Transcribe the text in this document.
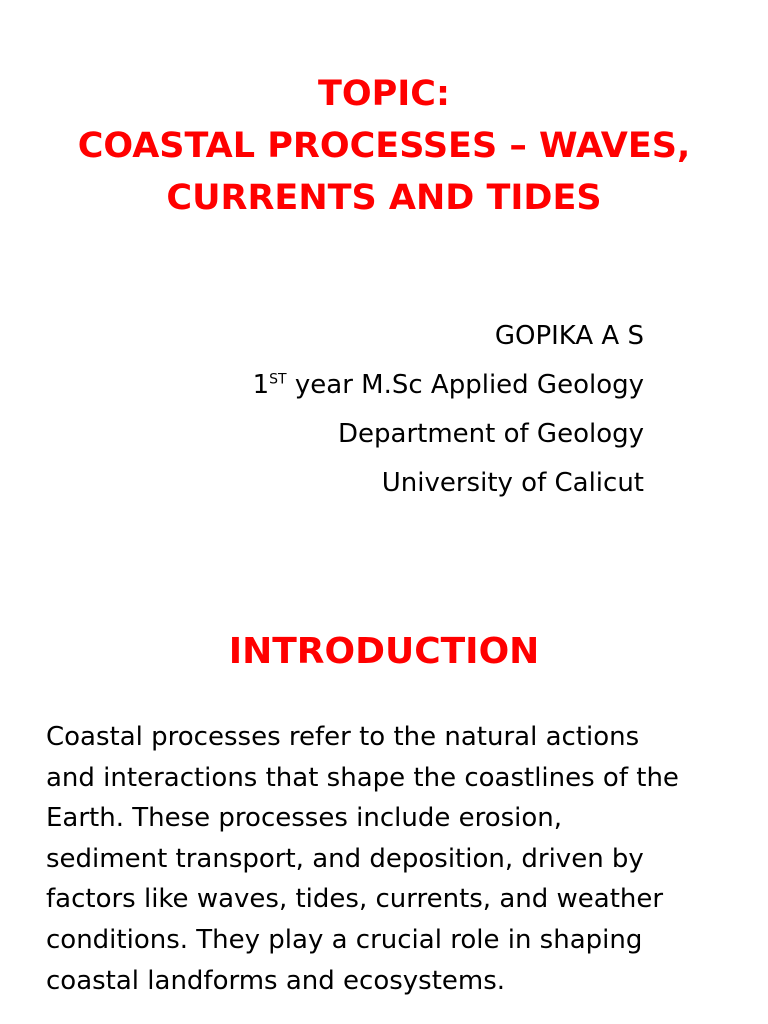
TOPIC:
COASTAL PROCESSES – WAVES,
CURRENTS AND TIDES
GOPIKA A S
1ST year M.Sc Applied Geology
Department of Geology
University of Calicut
INTRODUCTION
Coastal processes refer to the natural actions
and interactions that shape the coastlines of the
Earth. These processes include erosion,
sediment transport, and deposition, driven by
factors like waves, tides, currents, and weather
conditions. They play a crucial role in shaping
coastal landforms and ecosystems.
